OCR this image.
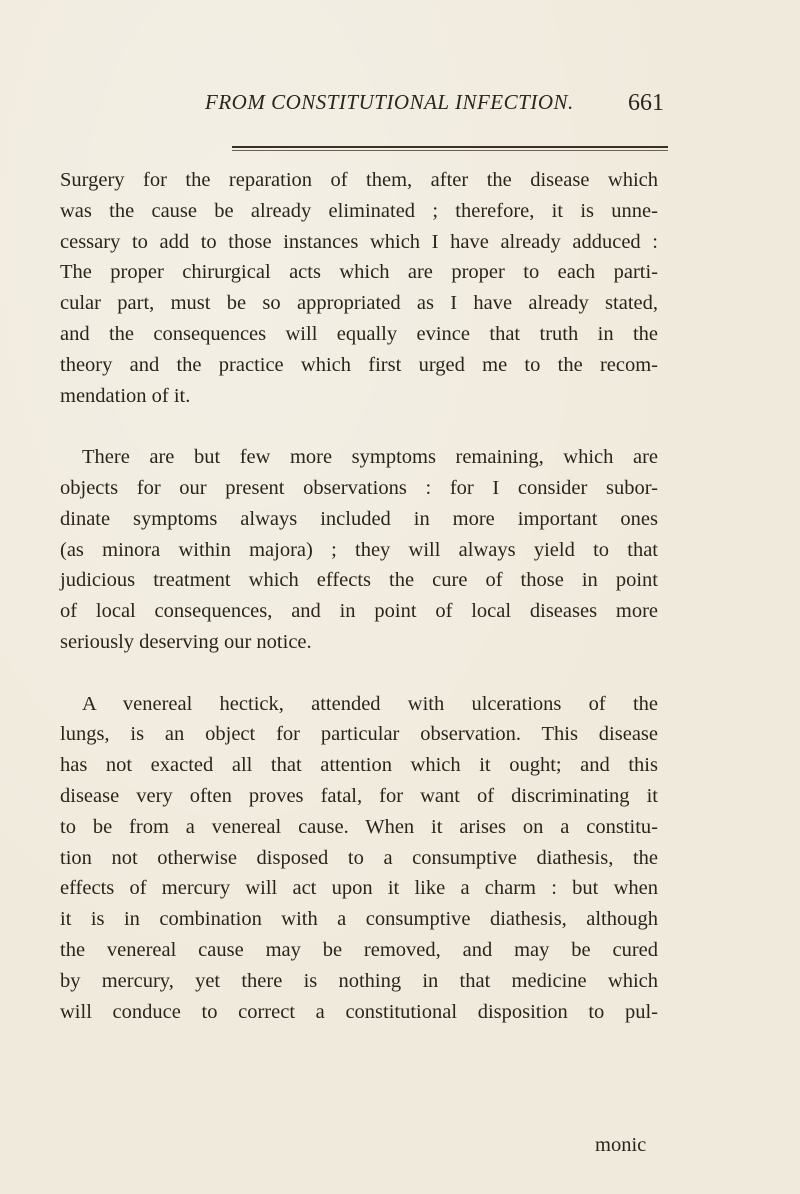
FROM CONSTITUTIONAL INFECTION. 661

Surgery for the reparation of them, after the disease which
was the cause be already eliminated ; therefore, it is unne-
cessary to add to those instances which I have already adduced :
The proper chirurgical acts which are proper to each parti-
cular part, must be so appropriated as I have already stated,
and the consequences will equally evince that truth in the
theory and the practice which first urged me to the recom-
mendation of it.

There are but few more symptoms remaining, which are
objects for our present observations : for I consider subor-
dinate symptoms always included in more important ones
(as minora within majora) ; they will always yield to that
judicious treatment which effects the cure of those in point
of local consequences, and in point of local diseases more
seriously deserving our notice.

A venereal hectick, attended with ulcerations of the
lungs, is an object for particular observation. This disease
has not exacted all that attention which it ought; and this
disease very often proves fatal, for want of discriminating it
to be from a venereal cause. When it arises on a constitu-
tion not otherwise disposed to a consumptive diathesis, the
effects of mercury will act upon it like a charm : but when
it is in combination with a consumptive diathesis, although
the venereal cause may be removed, and may be cured
by mercury, yet there is nothing in that medicine which
will conduce to correct a constitutional disposition to pul-

monic
